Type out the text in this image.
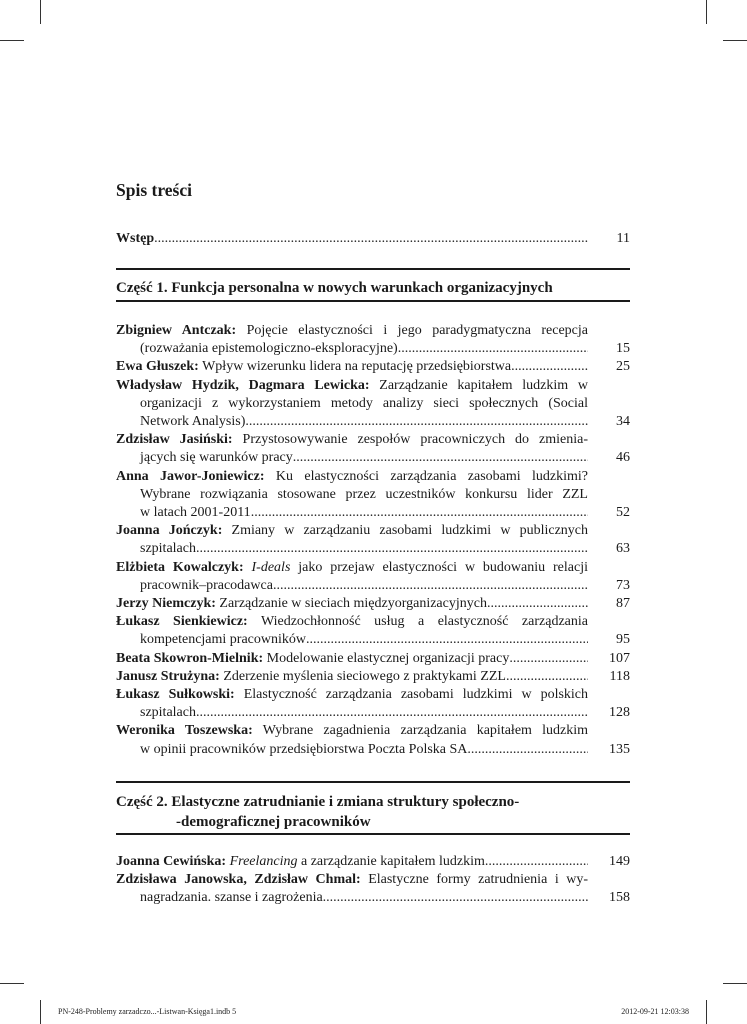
Spis treści
Wstęp .....	11
Część 1. Funkcja personalna w nowych warunkach organizacyjnych
Zbigniew Antczak: Pojęcie elastyczności i jego paradygmatyczna recepcja
(rozważania epistemologiczno-eksploracyjne) .....	15
Ewa Głuszek: Wpływ wizerunku lidera na reputację przedsiębiorstwa .....	25
Władysław Hydzik, Dagmara Lewicka: Zarządzanie kapitałem ludzkim w
organizacji z wykorzystaniem metody analizy sieci społecznych (Social
Network Analysis) .....	34
Zdzisław Jasiński: Przystosowywanie zespołów pracowniczych do zmienia-
jących się warunków pracy .....	46
Anna Jawor-Joniewicz: Ku elastyczności zarządzania zasobami ludzkimi?
Wybrane rozwiązania stosowane przez uczestników konkursu lider ZZL
w latach 2001-2011 .....	52
Joanna Jończyk: Zmiany w zarządzaniu zasobami ludzkimi w publicznych
szpitalach .....	63
Elżbieta Kowalczyk: I-deals jako przejaw elastyczności w budowaniu relacji
pracownik–pracodawca .....	73
Jerzy Niemczyk: Zarządzanie w sieciach międzyorganizacyjnych .....	87
Łukasz Sienkiewicz: Wiedzochłonność usług a elastyczność zarządzania
kompetencjami pracowników .....	95
Beata Skowron-Mielnik: Modelowanie elastycznej organizacji pracy .....	107
Janusz Strużyna: Zderzenie myślenia sieciowego z praktykami ZZL .....	118
Łukasz Sułkowski: Elastyczność zarządzania zasobami ludzkimi w polskich
szpitalach .....	128
Weronika Toszewska: Wybrane zagadnienia zarządzania kapitałem ludzkim
w opinii pracowników przedsiębiorstwa Poczta Polska SA .....	135
Część 2. Elastyczne zatrudnianie i zmiana struktury społeczno-
-demograficznej pracowników
Joanna Cewińska: Freelancing a zarządzanie kapitałem ludzkim .....	149
Zdzisława Janowska, Zdzisław Chmal: Elastyczne formy zatrudnienia i wy-
nagradzania. szanse i zagrożenia .....	158
PN-248-Problemy zarzadczo...-Listwan-Księga1.indb 5	2012-09-21 12:03:38
